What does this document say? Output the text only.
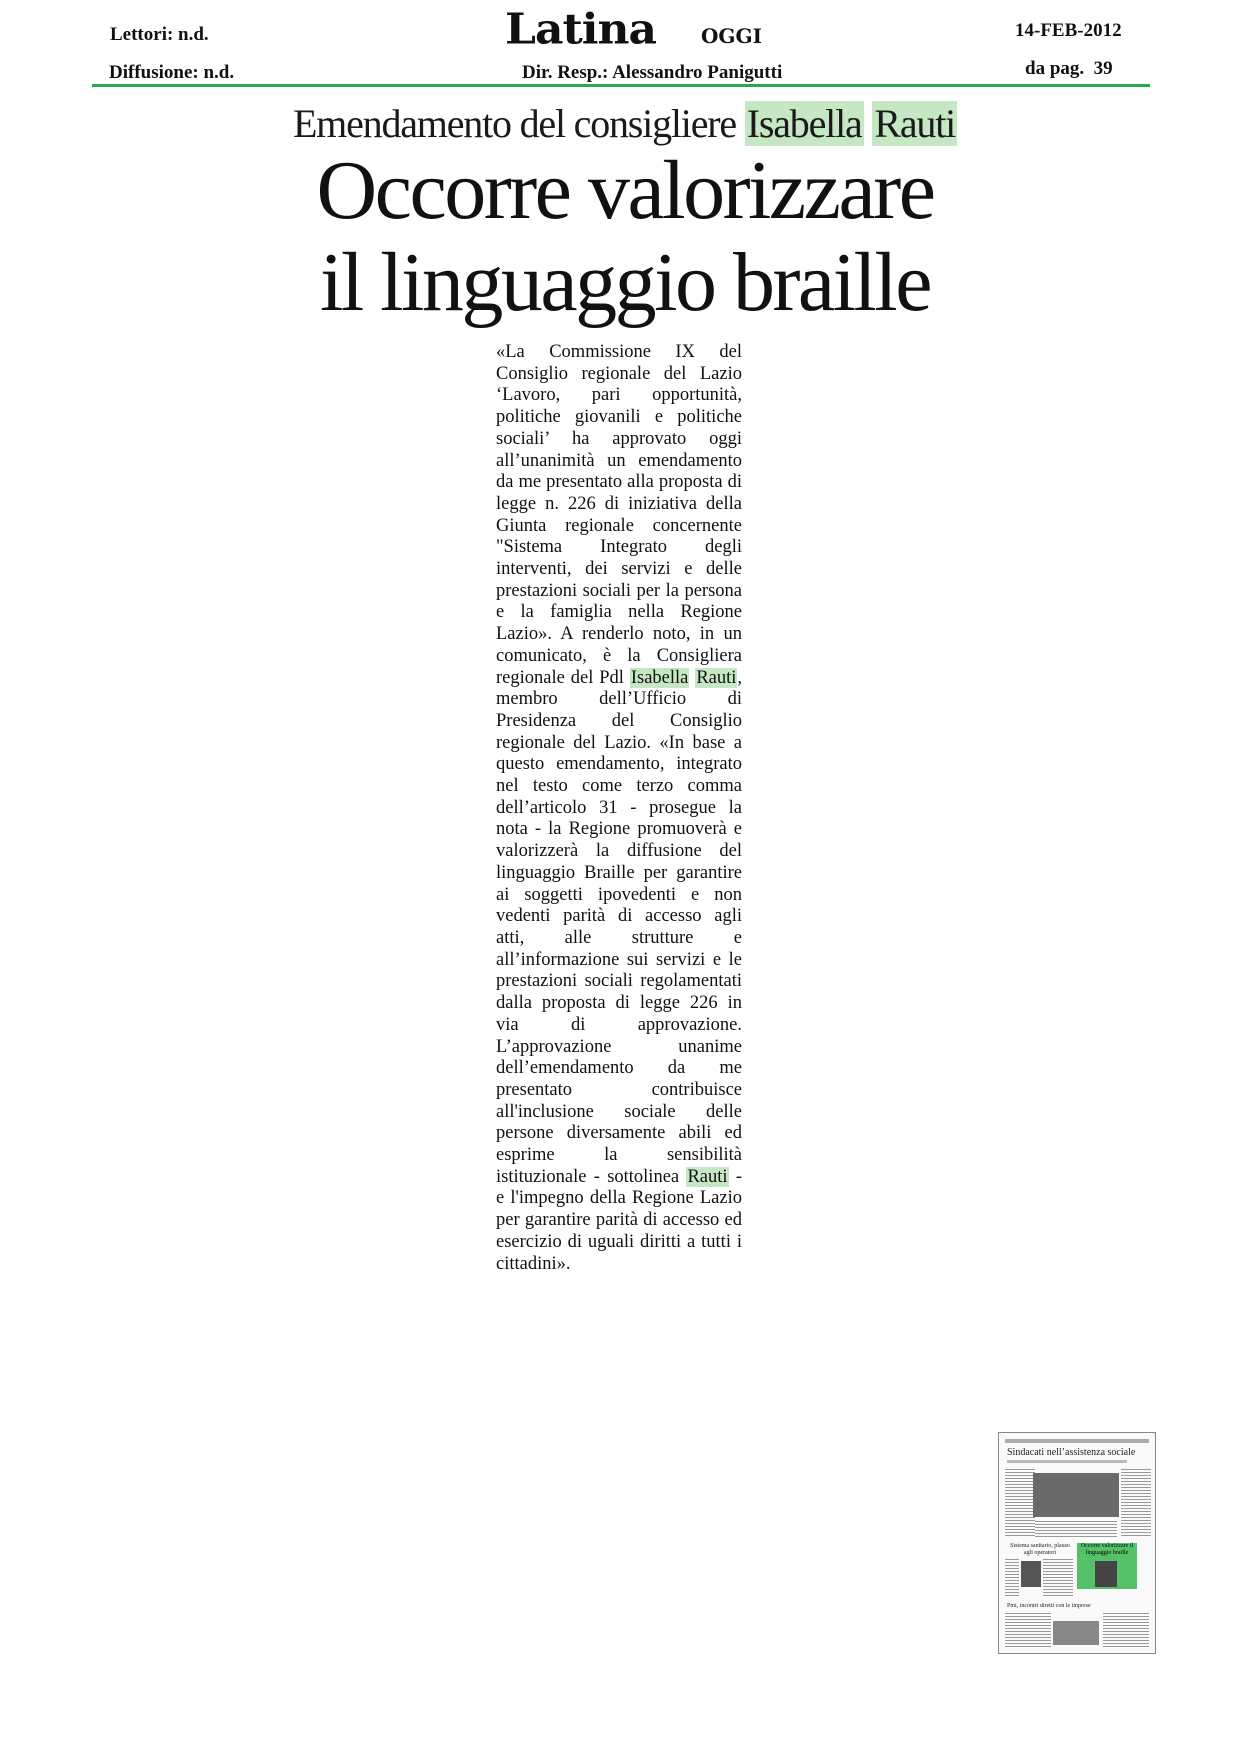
Lettori: n.d.
Diffusione: n.d.
Latina OGGI
Dir. Resp.: Alessandro Panigutti
14-FEB-2012
da pag. 39
Emendamento del consigliere Isabella Rauti
Occorre valorizzare
il linguaggio braille
«La Commissione IX del Consiglio regionale del Lazio ‘Lavoro, pari opportunità, politiche giovanili e politiche sociali’ ha approvato oggi all’unanimità un emendamento da me presentato alla proposta di legge n. 226 di iniziativa della Giunta regionale concernente "Sistema Integrato degli interventi, dei servizi e delle prestazioni sociali per la persona e la famiglia nella Regione Lazio». A renderlo noto, in un comunicato, è la Consigliera regionale del Pdl Isabella Rauti, membro dell’Ufficio di Presidenza del Consiglio regionale del Lazio. «In base a questo emendamento, integrato nel testo come terzo comma dell’articolo 31 - prosegue la nota - la Regione promuoverà e valorizzerà la diffusione del linguaggio Braille per garantire ai soggetti ipovedenti e non vedenti parità di accesso agli atti, alle strutture e all’informazione sui servizi e le prestazioni sociali regolamentati dalla proposta di legge 226 in via di approvazione. L’approvazione unanime dell’emendamento da me presentato contribuisce all'inclusione sociale delle persone diversamente abili ed esprime la sensibilità istituzionale - sottolinea Rauti - e l'impegno della Regione Lazio per garantire parità di accesso ed esercizio di uguali diritti a tutti i cittadini».
Sindacati nell’assistenza sociale
Sistema sanitario, plauso agli operatori
Occorre valorizzare il linguaggio braille
Pmi, incontri diretti con le imprese
